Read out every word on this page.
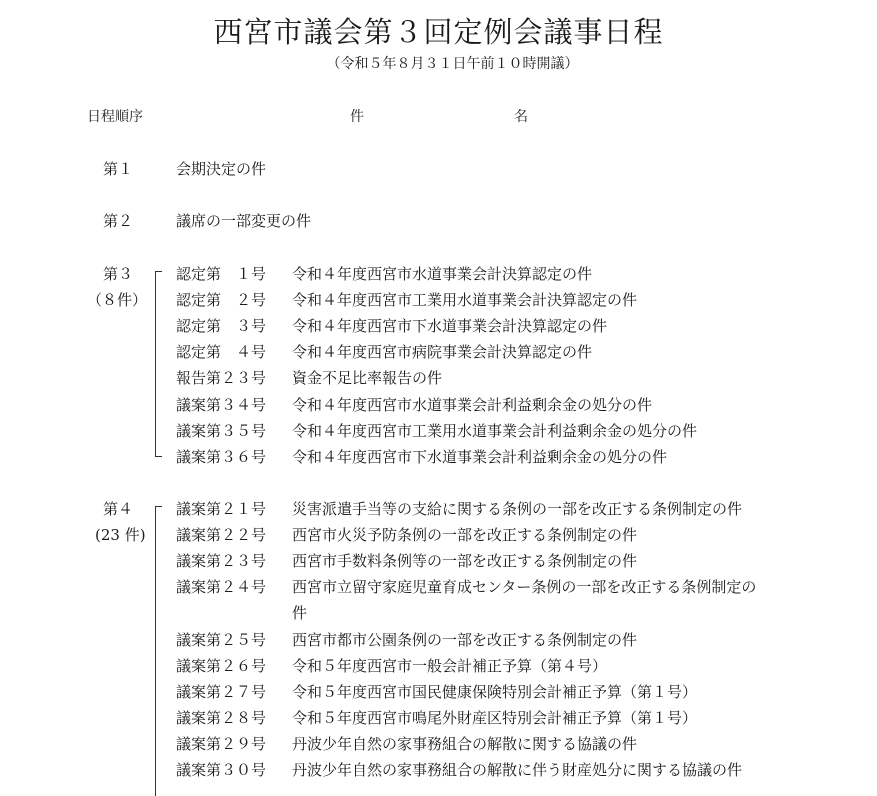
西宮市議会第３回定例会議事日程
（令和５年８月３１日午前１０時開議）
日程順序	件	名
第１	会期決定の件
第２	議席の一部変更の件
第３
（８件）
認定第　１号 令和４年度西宮市水道事業会計決算認定の件
認定第　２号 令和４年度西宮市工業用水道事業会計決算認定の件
認定第　３号 令和４年度西宮市下水道事業会計決算認定の件
認定第　４号 令和４年度西宮市病院事業会計決算認定の件
報告第２３号 資金不足比率報告の件
議案第３４号 令和４年度西宮市水道事業会計利益剰余金の処分の件
議案第３５号 令和４年度西宮市工業用水道事業会計利益剰余金の処分の件
議案第３６号 令和４年度西宮市下水道事業会計利益剰余金の処分の件
第４
(23 件)
議案第２１号 災害派遣手当等の支給に関する条例の一部を改正する条例制定の件
議案第２２号 西宮市火災予防条例の一部を改正する条例制定の件
議案第２３号 西宮市手数料条例等の一部を改正する条例制定の件
議案第２４号 西宮市立留守家庭児童育成センター条例の一部を改正する条例制定の
件
議案第２５号 西宮市都市公園条例の一部を改正する条例制定の件
議案第２６号 令和５年度西宮市一般会計補正予算（第４号）
議案第２７号 令和５年度西宮市国民健康保険特別会計補正予算（第１号）
議案第２８号 令和５年度西宮市鳴尾外財産区特別会計補正予算（第１号）
議案第２９号 丹波少年自然の家事務組合の解散に関する協議の件
議案第３０号 丹波少年自然の家事務組合の解散に伴う財産処分に関する協議の件
